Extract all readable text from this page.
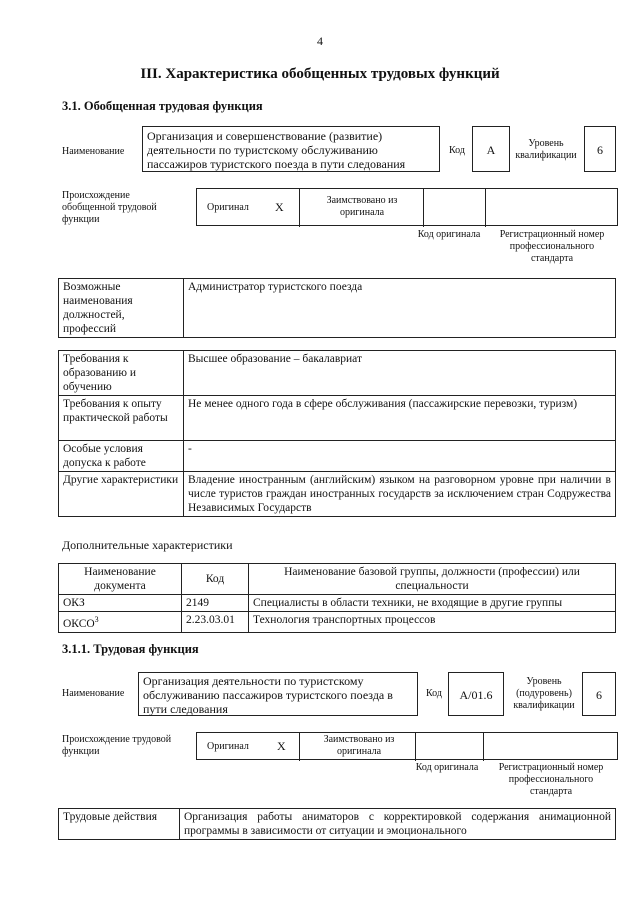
4
III. Характеристика обобщенных трудовых функций
3.1. Обобщенная трудовая функция
Наименование
Организация и совершенствование (развитие) деятельности по туристскому обслуживанию пассажиров туристского поезда в пути следования
Код	А	Уровень квалификации	6
Происхождение обобщенной трудовой функции
Оригинал X	Заимствовано из оригинала
Код оригинала	Регистрационный номер профессионального стандарта
Возможные наименования должностей, профессий	Администратор туристского поезда
Требования к образованию и обучению	Высшее образование – бакалавриат
Требования к опыту практической работы	Не менее одного года в сфере обслуживания (пассажирские перевозки, туризм)
Особые условия допуска к работе	-
Другие характеристики	Владение иностранным (английским) языком на разговорном уровне при наличии в числе туристов граждан иностранных государств за исключением стран Содружества Независимых Государств
Дополнительные характеристики
Наименование документа	Код	Наименование базовой группы, должности (профессии) или специальности
ОКЗ	2149	Специалисты в области техники, не входящие в другие группы
ОКСО$^3$	2.23.03.01	Технология транспортных процессов
3.1.1. Трудовая функция
Наименование
Организация деятельности по туристскому обслуживанию пассажиров туристского поезда в пути следования
Код	A/01.6
Уровень (подуровень) квалификации
6
Происхождение трудовой функции	Оригинал X	Заимствовано из оригинала
Код оригинала	Регистрационный номер профессионального стандарта
Трудовые действия	Организация работы аниматоров с корректировкой содержания анимационной программы в зависимости от ситуации и эмоционального
